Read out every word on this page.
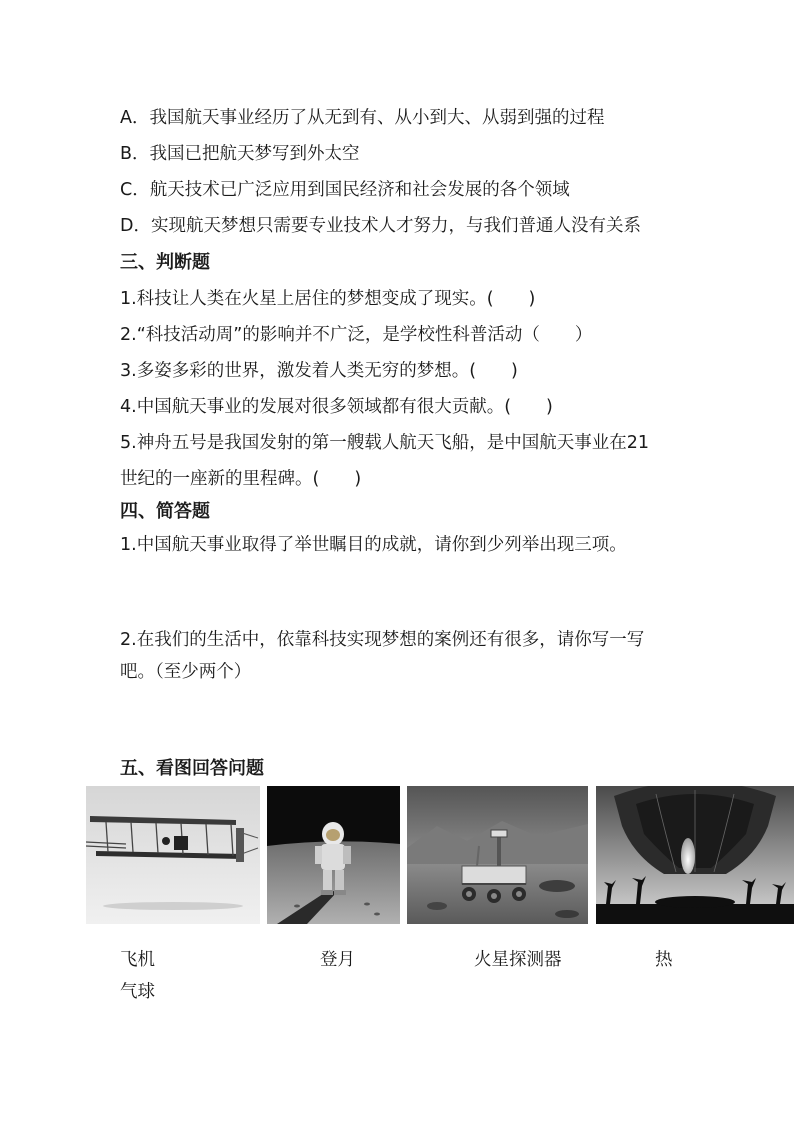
A．我国航天事业经历了从无到有、从小到大、从弱到强的过程
B．我国已把航天梦写到外太空
C．航天技术已广泛应用到国民经济和社会发展的各个领域
D．实现航天梦想只需要专业技术人才努力，与我们普通人没有关系
三、判断题
1.科技让人类在火星上居住的梦想变成了现实。(　　)
2.“科技活动周”的影响并不广泛，是学校性科普活动（　　）
3.多姿多彩的世界，激发着人类无穷的梦想。(　　)
4.中国航天事业的发展对很多领域都有很大贡献。(　　)
5.神舟五号是我国发射的第一艘载人航天飞船，是中国航天事业在21
世纪的一座新的里程碑。(　　)
四、简答题
1.中国航天事业取得了举世瞩目的成就，请你到少列举出现三项。
2.在我们的生活中，依靠科技实现梦想的案例还有很多，请你写一写
吧。（至少两个）
五、看图回答问题
飞机	登月	火星探测器	热
气球
